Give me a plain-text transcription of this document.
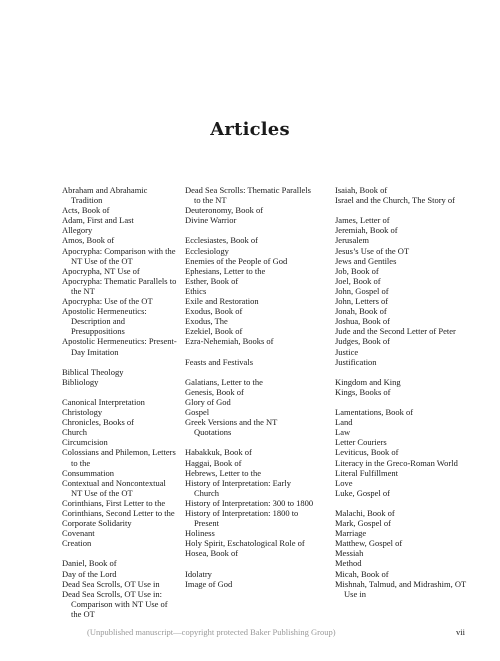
Articles
Abraham and Abrahamic Tradition
Acts, Book of
Adam, First and Last
Allegory
Amos, Book of
Apocrypha: Comparison with the NT Use of the OT
Apocrypha, NT Use of
Apocrypha: Thematic Parallels to the NT
Apocrypha: Use of the OT
Apostolic Hermeneutics: Description and Presuppositions
Apostolic Hermeneutics: Present-Day Imitation
Biblical Theology
Bibliology
Canonical Interpretation
Christology
Chronicles, Books of
Church
Circumcision
Colossians and Philemon, Letters to the
Consummation
Contextual and Noncontextual NT Use of the OT
Corinthians, First Letter to the
Corinthians, Second Letter to the
Corporate Solidarity
Covenant
Creation
Daniel, Book of
Day of the Lord
Dead Sea Scrolls, OT Use in
Dead Sea Scrolls, OT Use in: Comparison with NT Use of the OT
Dead Sea Scrolls: Thematic Parallels to the NT
Deuteronomy, Book of
Divine Warrior
Ecclesiastes, Book of
Ecclesiology
Enemies of the People of God
Ephesians, Letter to the
Esther, Book of
Ethics
Exile and Restoration
Exodus, Book of
Exodus, The
Ezekiel, Book of
Ezra-Nehemiah, Books of
Feasts and Festivals
Galatians, Letter to the
Genesis, Book of
Glory of God
Gospel
Greek Versions and the NT Quotations
Habakkuk, Book of
Haggai, Book of
Hebrews, Letter to the
History of Interpretation: Early Church
History of Interpretation: 300 to 1800
History of Interpretation: 1800 to Present
Holiness
Holy Spirit, Eschatological Role of
Hosea, Book of
Idolatry
Image of God
Isaiah, Book of
Israel and the Church, The Story of
James, Letter of
Jeremiah, Book of
Jerusalem
Jesus’s Use of the OT
Jews and Gentiles
Job, Book of
Joel, Book of
John, Gospel of
John, Letters of
Jonah, Book of
Joshua, Book of
Jude and the Second Letter of Peter
Judges, Book of
Justice
Justification
Kingdom and King
Kings, Books of
Lamentations, Book of
Land
Law
Letter Couriers
Leviticus, Book of
Literacy in the Greco-Roman World
Literal Fulfillment
Love
Luke, Gospel of
Malachi, Book of
Mark, Gospel of
Marriage
Matthew, Gospel of
Messiah
Method
Micah, Book of
Mishnah, Talmud, and Midrashim, OT Use in
(Unpublished manuscript—copyright protected Baker Publishing Group)	vii
